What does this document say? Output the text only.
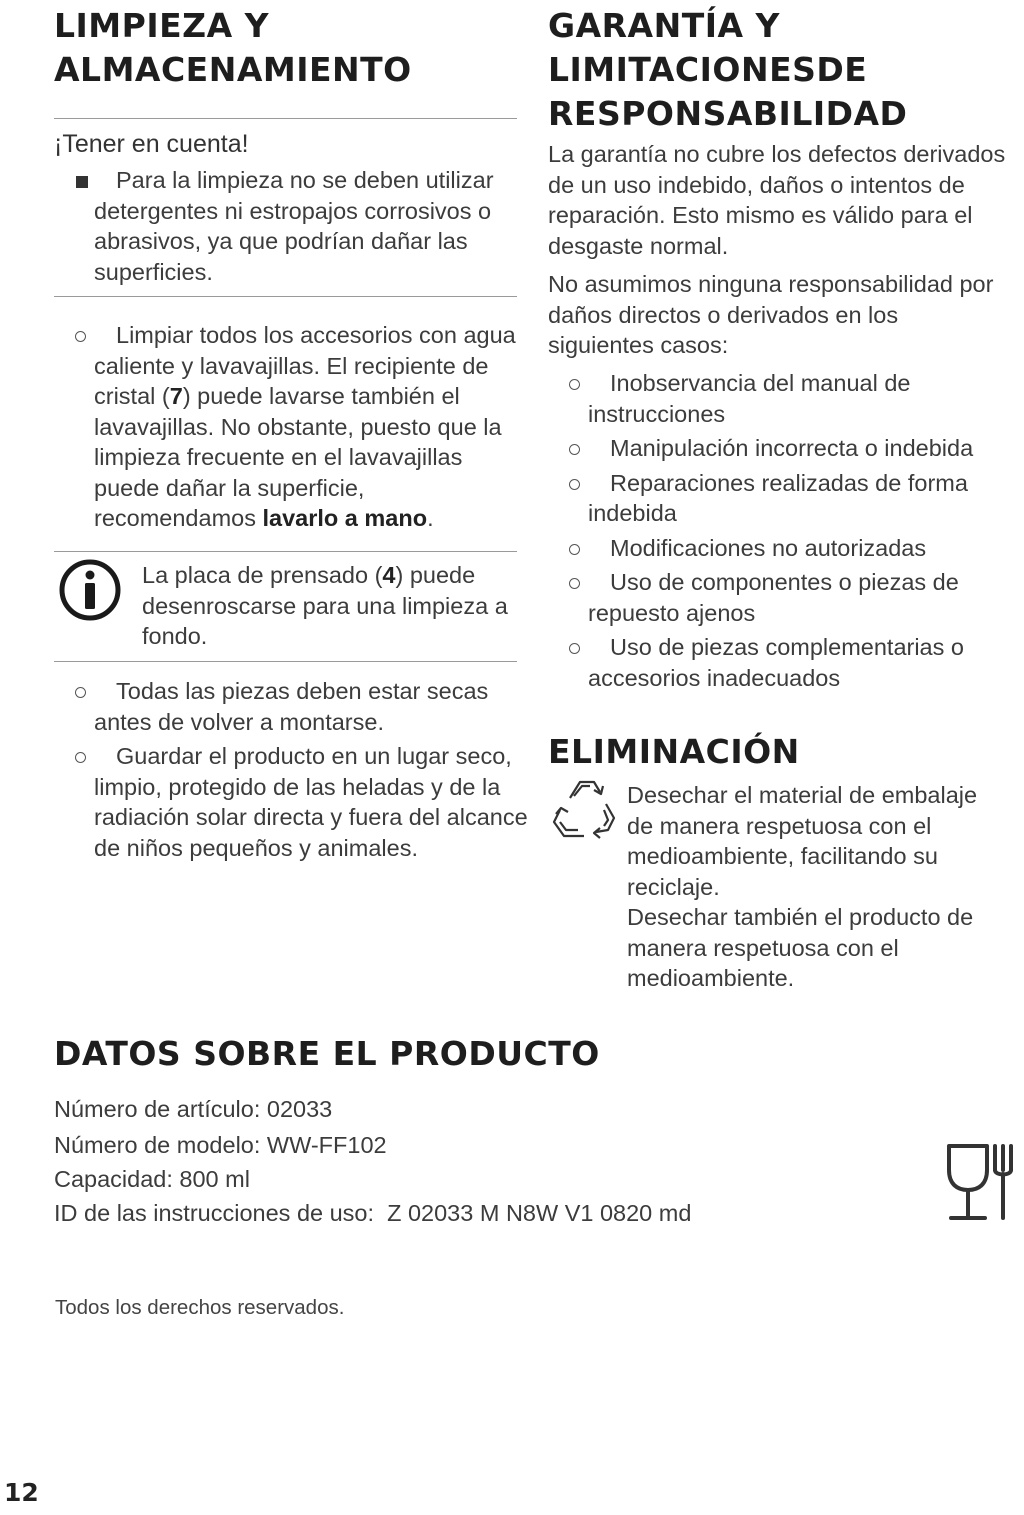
LIMPIEZA Y
ALMACENAMIENTO
¡Tener en cuenta!
Para la limpieza no se deben utilizar detergentes ni estropajos corrosivos o abrasivos, ya que podrían dañar las superficies.
Limpiar todos los accesorios con agua caliente y lavavajillas. El recipiente de cristal (7) puede lavarse también el lavavajillas. No obstante, puesto que la limpieza frecuente en el lavavajillas puede dañar la superficie, recomendamos lavarlo a mano.
La placa de prensado (4) puede desenroscarse para una limpieza a fondo.
Todas las piezas deben estar secas antes de volver a montarse.
Guardar el producto en un lugar seco, limpio, protegido de las heladas y de la radiación solar directa y fuera del alcance de niños pequeños y animales.
GARANTÍA Y
LIMITACIONESDE
RESPONSABILIDAD
La garantía no cubre los defectos derivados de un uso indebido, daños o intentos de reparación. Esto mismo es válido para el desgaste normal.
No asumimos ninguna responsabilidad por daños directos o derivados en los siguientes casos:
Inobservancia del manual de instrucciones
Manipulación incorrecta o indebida
Reparaciones realizadas de forma indebida
Modificaciones no autorizadas
Uso de componentes o piezas de repuesto ajenos
Uso de piezas complementarias o accesorios inadecuados
ELIMINACIÓN
Desechar el material de embalaje de manera respetuosa con el medioambiente, facilitando su reciclaje.
Desechar también el producto de manera respetuosa con el medioambiente.
DATOS SOBRE EL PRODUCTO
Número de artículo: 02033
Número de modelo: WW-FF102
Capacidad: 800 ml
ID de las instrucciones de uso:  Z 02033 M N8W V1 0820 md
Todos los derechos reservados.
12
